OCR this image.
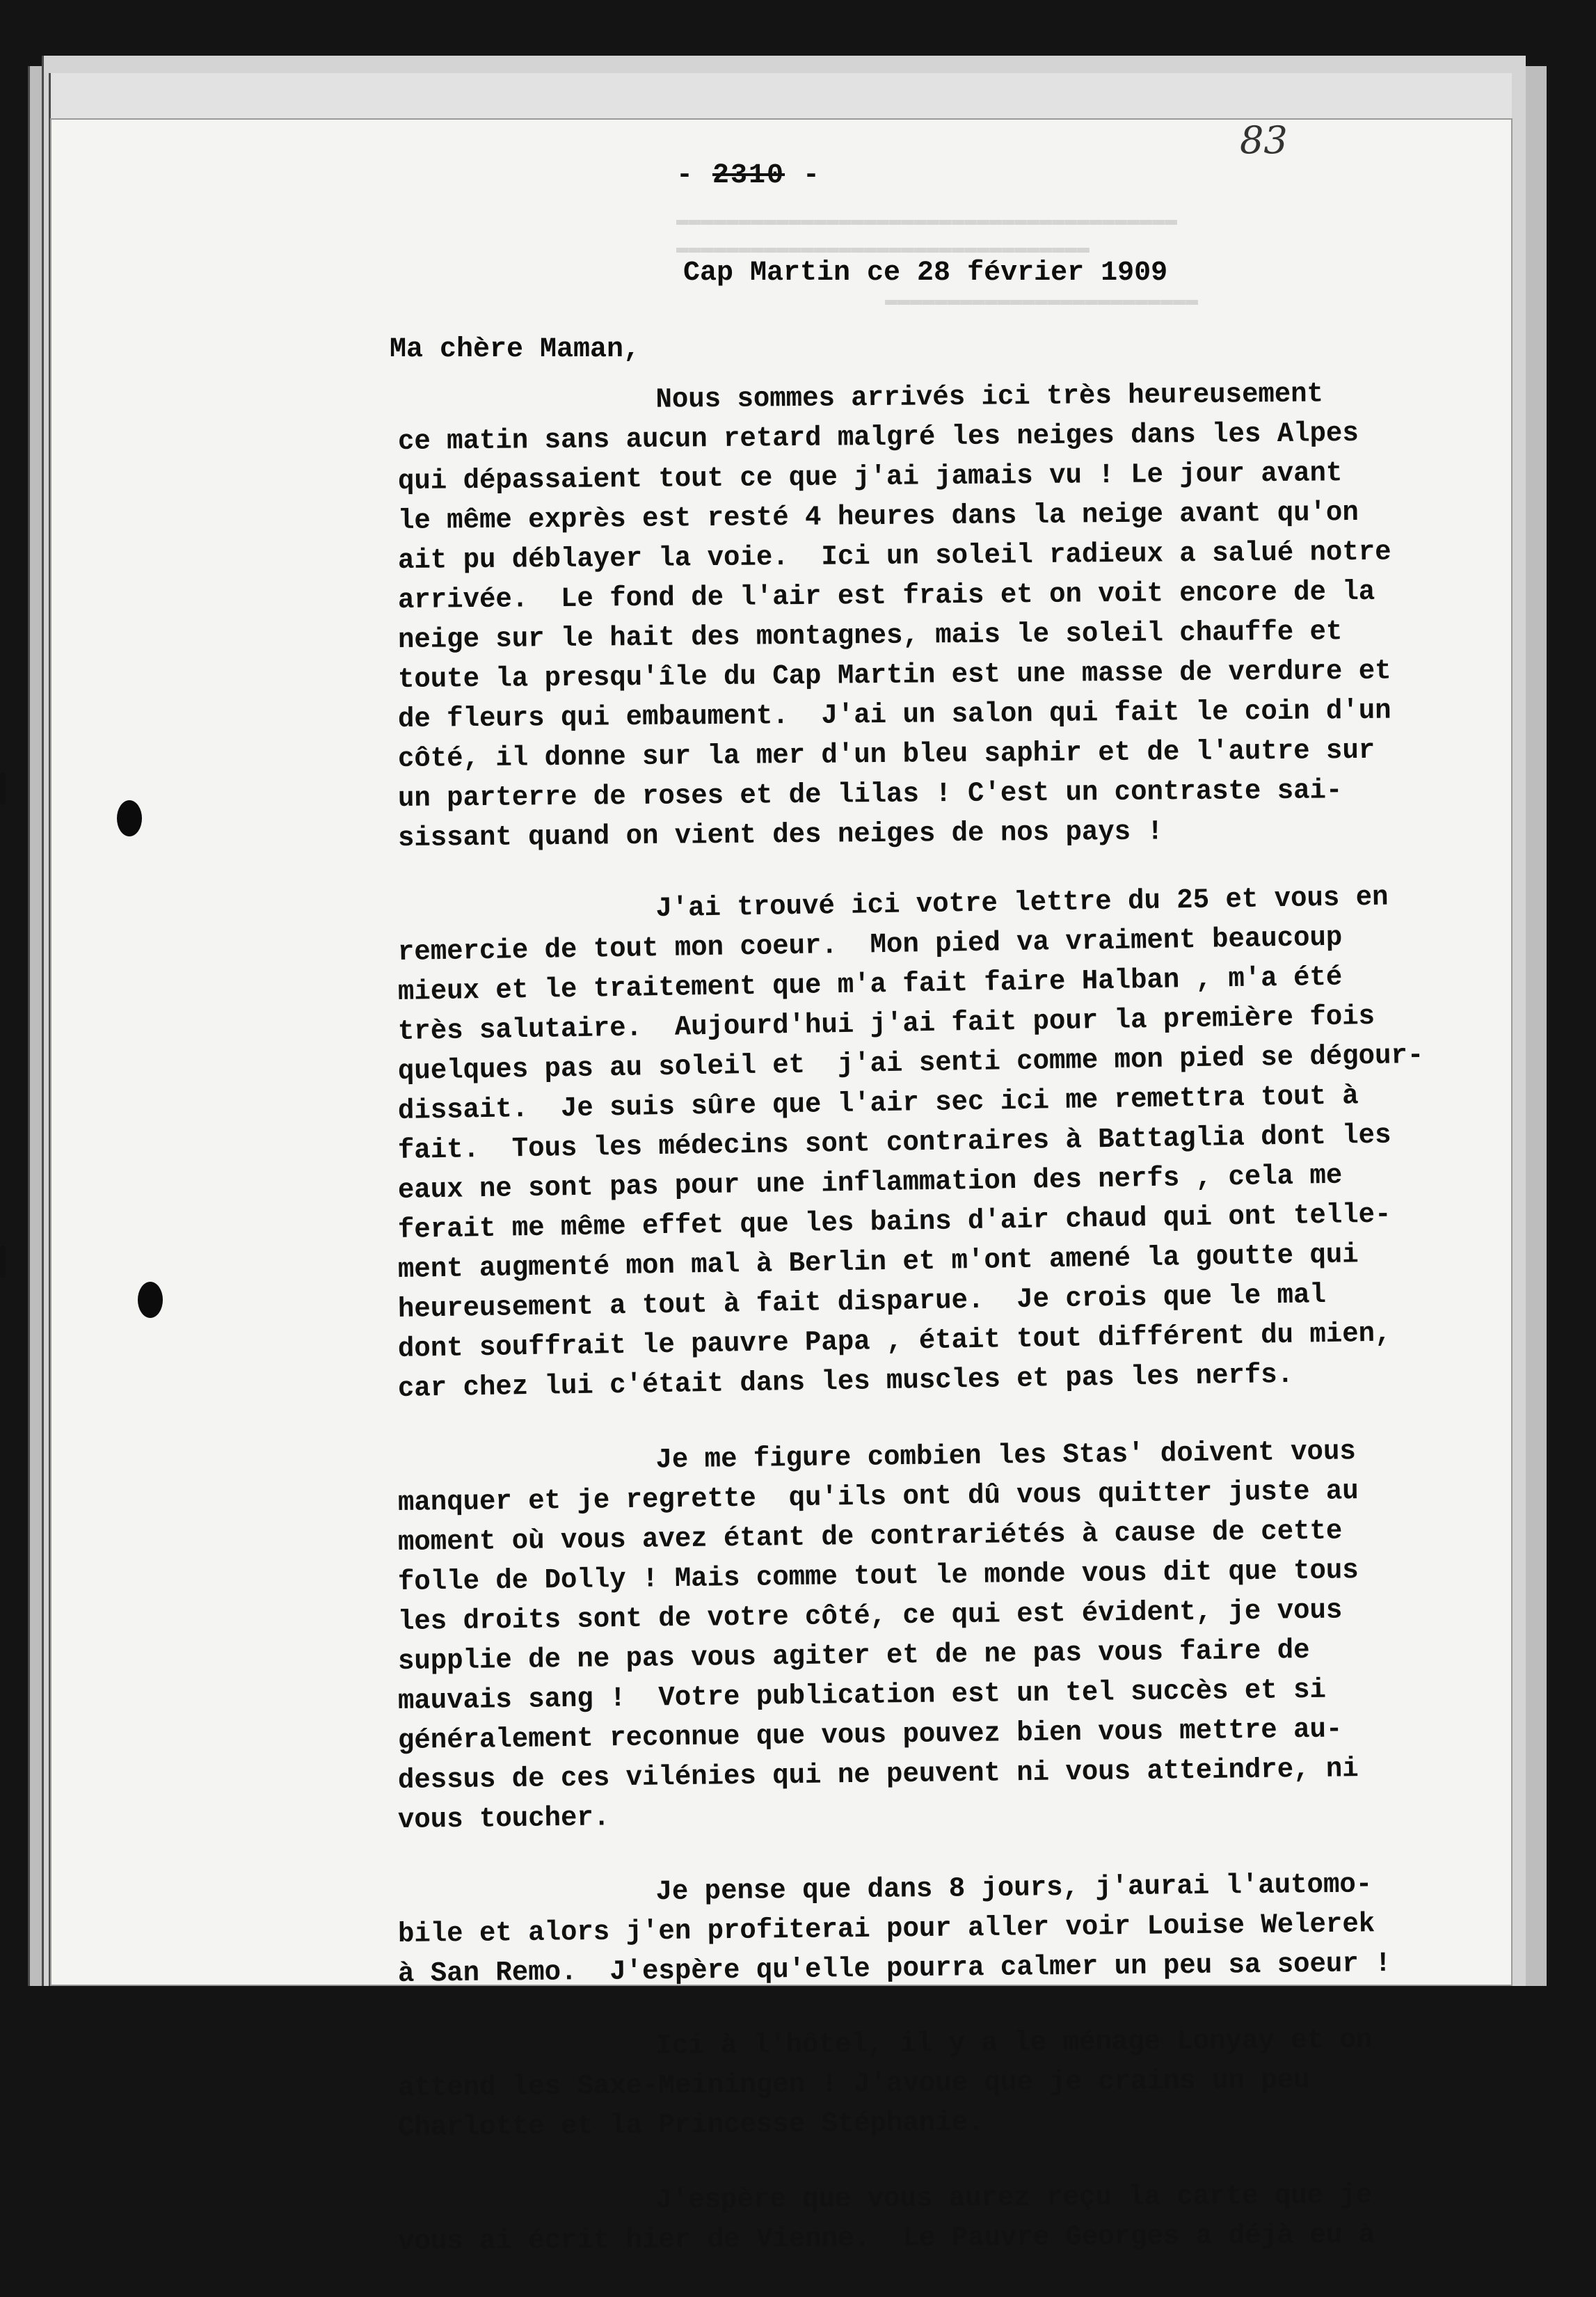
▬▬▬▬▬▬▬▬▬▬▬▬▬▬▬▬▬▬▬▬▬▬▬▬▬▬▬▬▬▬▬▬▬▬▬▬▬▬▬▬
▬▬▬▬▬▬▬▬▬▬▬▬▬▬▬▬▬▬▬▬▬▬▬▬▬▬▬▬▬▬▬▬▬
▬▬▬▬▬▬▬▬▬▬▬▬▬▬▬▬▬▬▬▬▬▬▬▬▬
- 2310 -
83
Cap Martin ce 28 février 1909
Ma chère Maman,
Nous sommes arrivés ici très heureusement
ce matin sans aucun retard malgré les neiges dans les Alpes
qui dépassaient tout ce que j'ai jamais vu ! Le jour avant
le même exprès est resté 4 heures dans la neige avant qu'on
ait pu déblayer la voie.  Ici un soleil radieux a salué notre
arrivée.  Le fond de l'air est frais et on voit encore de la
neige sur le hait des montagnes, mais le soleil chauffe et
toute la presqu'île du Cap Martin est une masse de verdure et
de fleurs qui embaument.  J'ai un salon qui fait le coin d'un
côté, il donne sur la mer d'un bleu saphir et de l'autre sur
un parterre de roses et de lilas ! C'est un contraste sai-
sissant quand on vient des neiges de nos pays !
J'ai trouvé ici votre lettre du 25 et vous en
remercie de tout mon coeur.  Mon pied va vraiment beaucoup
mieux et le traitement que m'a fait faire Halban , m'a été
très salutaire.  Aujourd'hui j'ai fait pour la première fois
quelques pas au soleil et  j'ai senti comme mon pied se dégour-
dissait.  Je suis sûre que l'air sec ici me remettra tout à
fait.  Tous les médecins sont contraires à Battaglia dont les
eaux ne sont pas pour une inflammation des nerfs , cela me
ferait me même effet que les bains d'air chaud qui ont telle-
ment augmenté mon mal à Berlin et m'ont amené la goutte qui
heureusement a tout à fait disparue.  Je crois que le mal
dont souffrait le pauvre Papa , était tout différent du mien,
car chez lui c'était dans les muscles et pas les nerfs.
Je me figure combien les Stas' doivent vous
manquer et je regrette  qu'ils ont dû vous quitter juste au
moment où vous avez étant de contrariétés à cause de cette
folle de Dolly ! Mais comme tout le monde vous dit que tous
les droits sont de votre côté, ce qui est évident, je vous
supplie de ne pas vous agiter et de ne pas vous faire de
mauvais sang !  Votre publication est un tel succès et si
généralement reconnue que vous pouvez bien vous mettre au-
dessus de ces vilénies qui ne peuvent ni vous atteindre, ni
vous toucher.
Je pense que dans 8 jours, j'aurai l'automo-
bile et alors j'en profiterai pour aller voir Louise Welerek
à San Remo.  J'espère qu'elle pourra calmer un peu sa soeur !
Ici à l'hôtel, il y a le ménage Lonyay et on
attend les Saxe-Meiningen ! J'avoue que je crains un peu
Charlotte et la Princesse Stéphanie.
J'espère que vous aurez reçu la carte que je
vous ai écrit hier de Vienne.  Le Pauvre Georges a déjà eu à
